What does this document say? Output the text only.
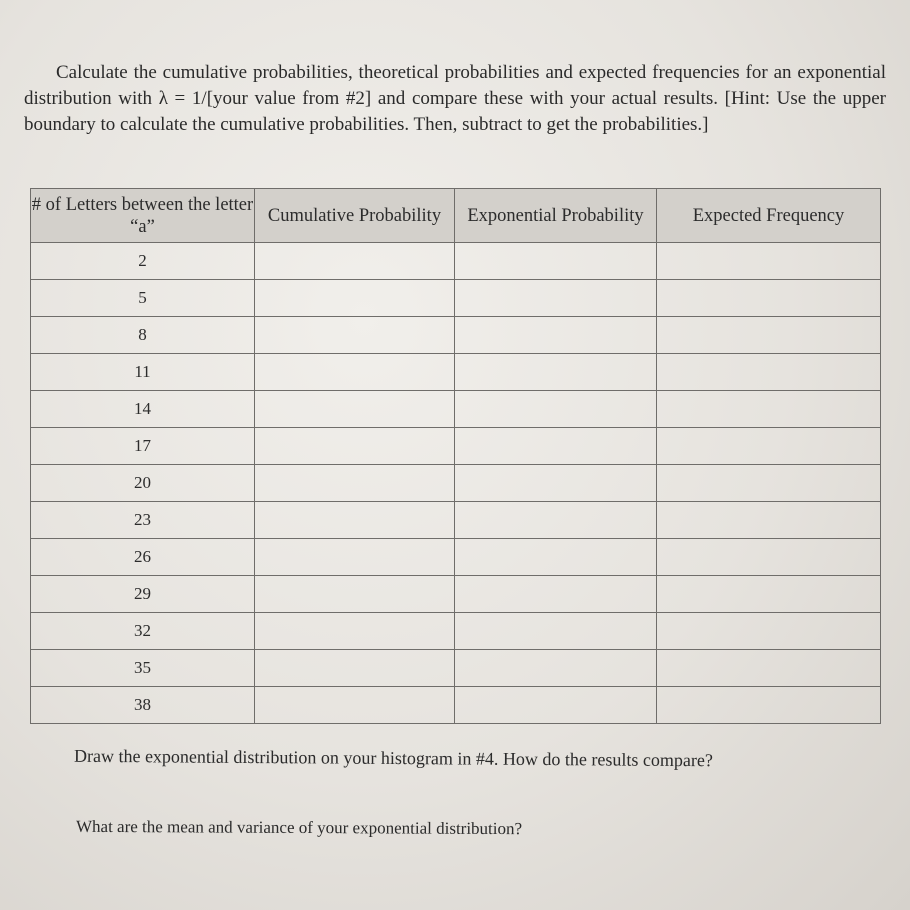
Calculate the cumulative probabilities, theoretical probabilities and expected frequencies for an exponential distribution with λ = 1/[your value from #2] and compare these with your actual results. [Hint: Use the upper boundary to calculate the cumulative probabilities. Then, subtract to get the probabilities.]

# of Letters between the letter “a”	Cumulative Probability	Exponential Probability	Expected Frequency
2			
5			
8			
11			
14			
17			
20			
23			
26			
29			
32			
35			
38			
Draw the exponential distribution on your histogram in #4. How do the results compare?
What are the mean and variance of your exponential distribution?
